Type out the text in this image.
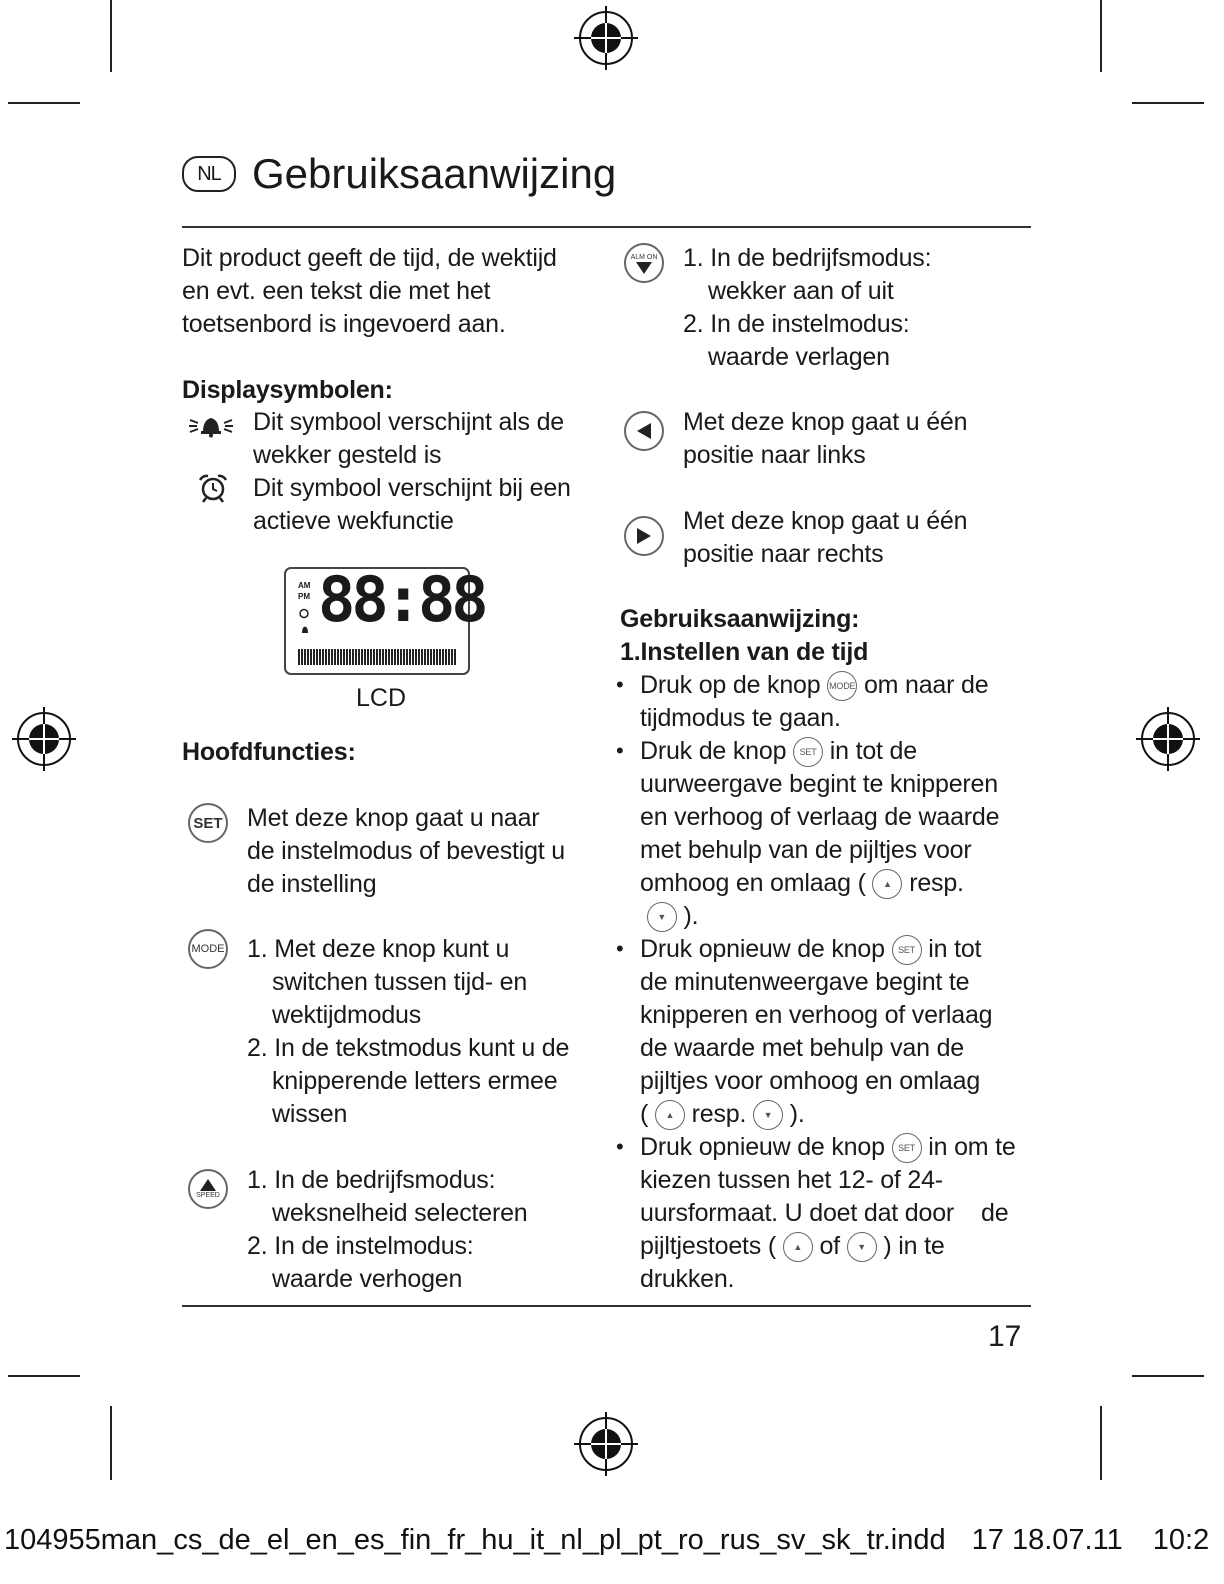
NL Gebruiksaanwijzing
Dit product geeft de tijd, de wektijd
en evt. een tekst die met het
toetsenbord is ingevoerd aan.
Displaysymbolen:
Dit symbool verschijnt als de
wekker gesteld is
Dit symbool verschijnt bij een
actieve wekfunctie
AM
PM 88:88
LCD
Hoofdfuncties:
SET Met deze knop gaat u naar
de instelmodus of bevestigt u
de instelling
MODE 1. Met deze knop kunt u
switchen tussen tijd- en
wektijdmodus
2. In de tekstmodus kunt u de
knipperende letters ermee
wissen
SPEED
1. In de bedrijfsmodus:
weksnelheid selecteren
2. In de instelmodus:
waarde verhogen
ALM ON 1. In de bedrijfsmodus:
wekker aan of uit
2. In de instelmodus:
waarde verlagen
Met deze knop gaat u één
positie naar links
Met deze knop gaat u één
positie naar rechts
Gebruiksaanwijzing:
1.Instellen van de tijd
• Druk op de knop MODE om naar de
tijdmodus te gaan.
• Druk de knop SET in tot de
uurweergave begint te knipperen
en verhoog of verlaag de waarde
met behulp van de pijltjes voor
omhoog en omlaag ( ▲ resp.
▼ ).
• Druk opnieuw de knop SET in tot
de minutenweergave begint te
knipperen en verhoog of verlaag
de waarde met behulp van de
pijltjes voor omhoog en omlaag
( ▲ resp. ▼ ).
• Druk opnieuw de knop SET in om te
kiezen tussen het 12- of 24-
uursformaat. U doet dat door    de
pijltjestoets ( ▲ of ▼ ) in te
drukken.
17
104955man_cs_de_el_en_es_fin_fr_hu_it_nl_pl_pt_ro_rus_sv_sk_tr.indd 17 18.07.11 10:2
